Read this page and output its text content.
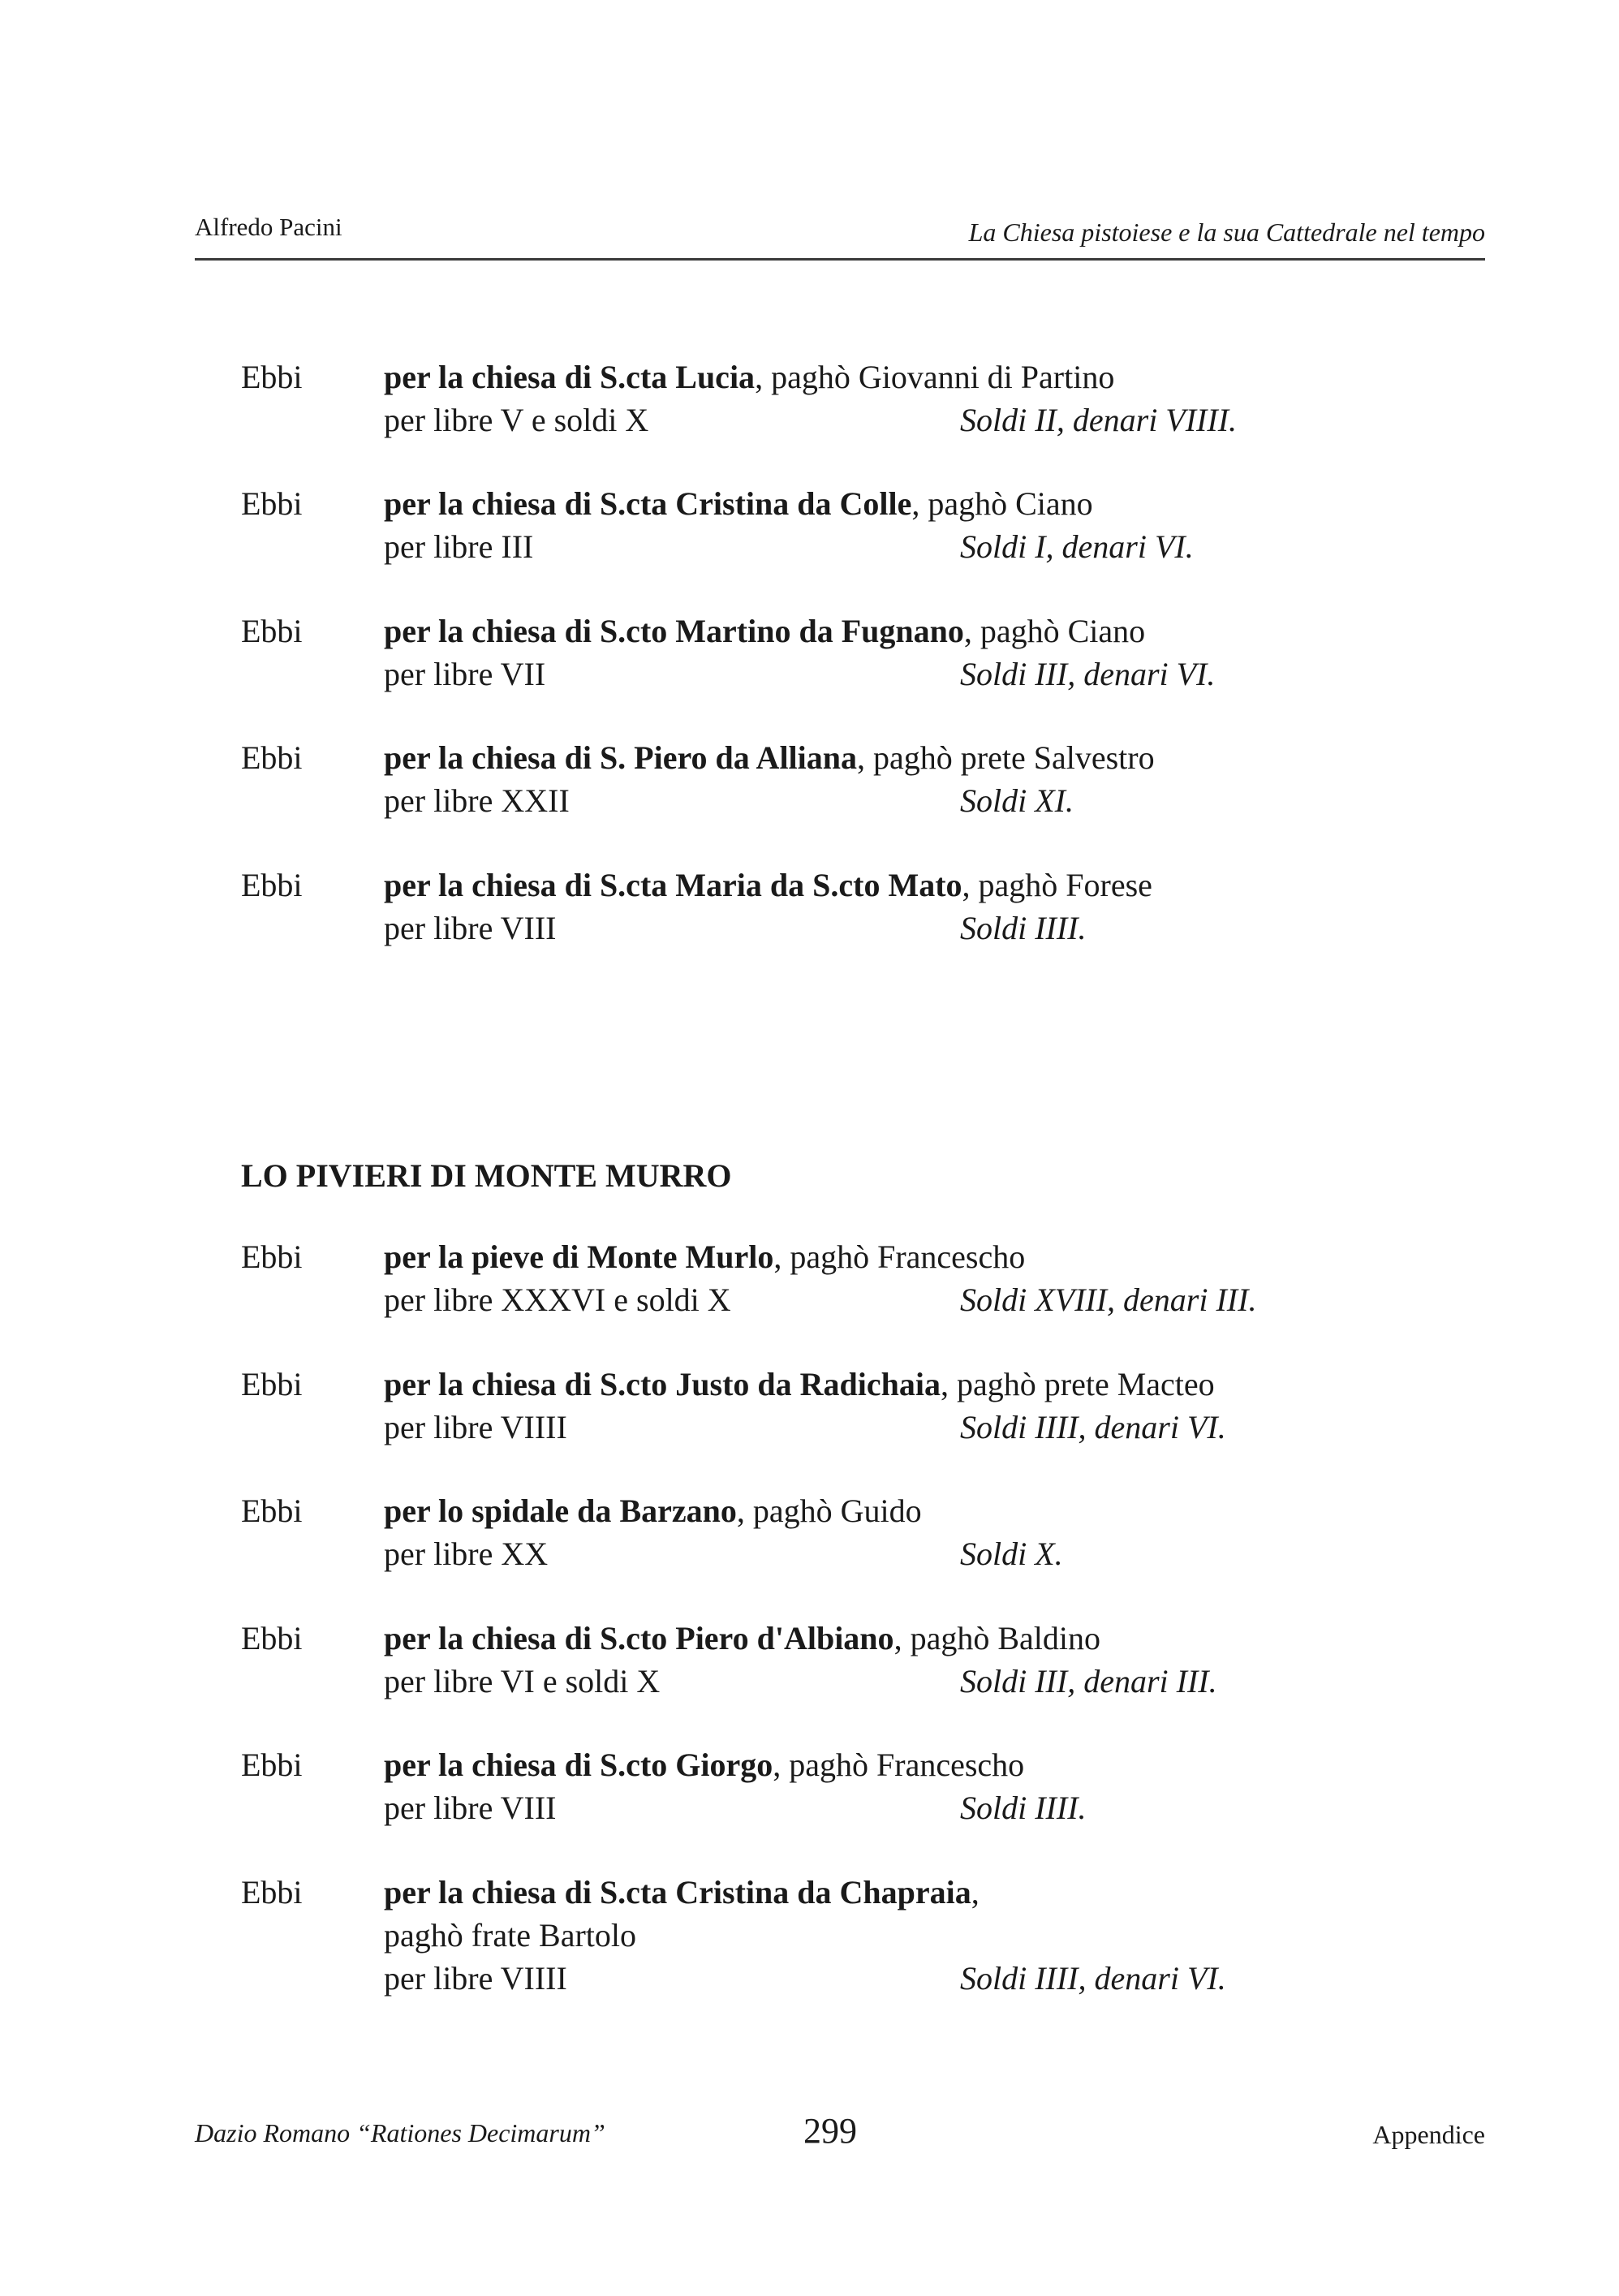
Alfredo Pacini	La Chiesa pistoiese e la sua Cattedrale nel tempo
Ebbi	per la chiesa di S.cta Lucia, paghò Giovanni di Partino
per libre V e soldi X	Soldi II, denari VIIII.
Ebbi	per la chiesa di S.cta Cristina da Colle, paghò Ciano
per libre III	Soldi I, denari VI.
Ebbi	per la chiesa di S.cto Martino da Fugnano, paghò Ciano
per libre VII	Soldi III, denari VI.
Ebbi	per la chiesa di S. Piero da Alliana, paghò prete Salvestro
per libre XXII	Soldi XI.
Ebbi	per la chiesa di S.cta Maria da S.cto Mato, paghò Forese
per libre VIII	Soldi IIII.
Ebbi	per la pieve di Monte Murlo, paghò Francescho
per libre XXXVI e soldi X	Soldi XVIII, denari III.
Ebbi	per la chiesa di S.cto Justo da Radichaia, paghò prete Macteo
per libre VIIII	Soldi IIII, denari VI.
Ebbi	per lo spidale da Barzano, paghò Guido
per libre XX	Soldi X.
Ebbi	per la chiesa di S.cto Piero d'Albiano, paghò Baldino
per libre VI e soldi X	Soldi III, denari III.
Ebbi	per la chiesa di S.cto Giorgo, paghò Francescho
per libre VIII	Soldi IIII.
Ebbi	per la chiesa di S.cta Cristina da Chapraia,
paghò frate Bartolo
per libre VIIII	Soldi IIII, denari VI.
LO PIVIERI DI MONTE MURRO
Dazio Romano “Rationes Decimarum”	299	Appendice
